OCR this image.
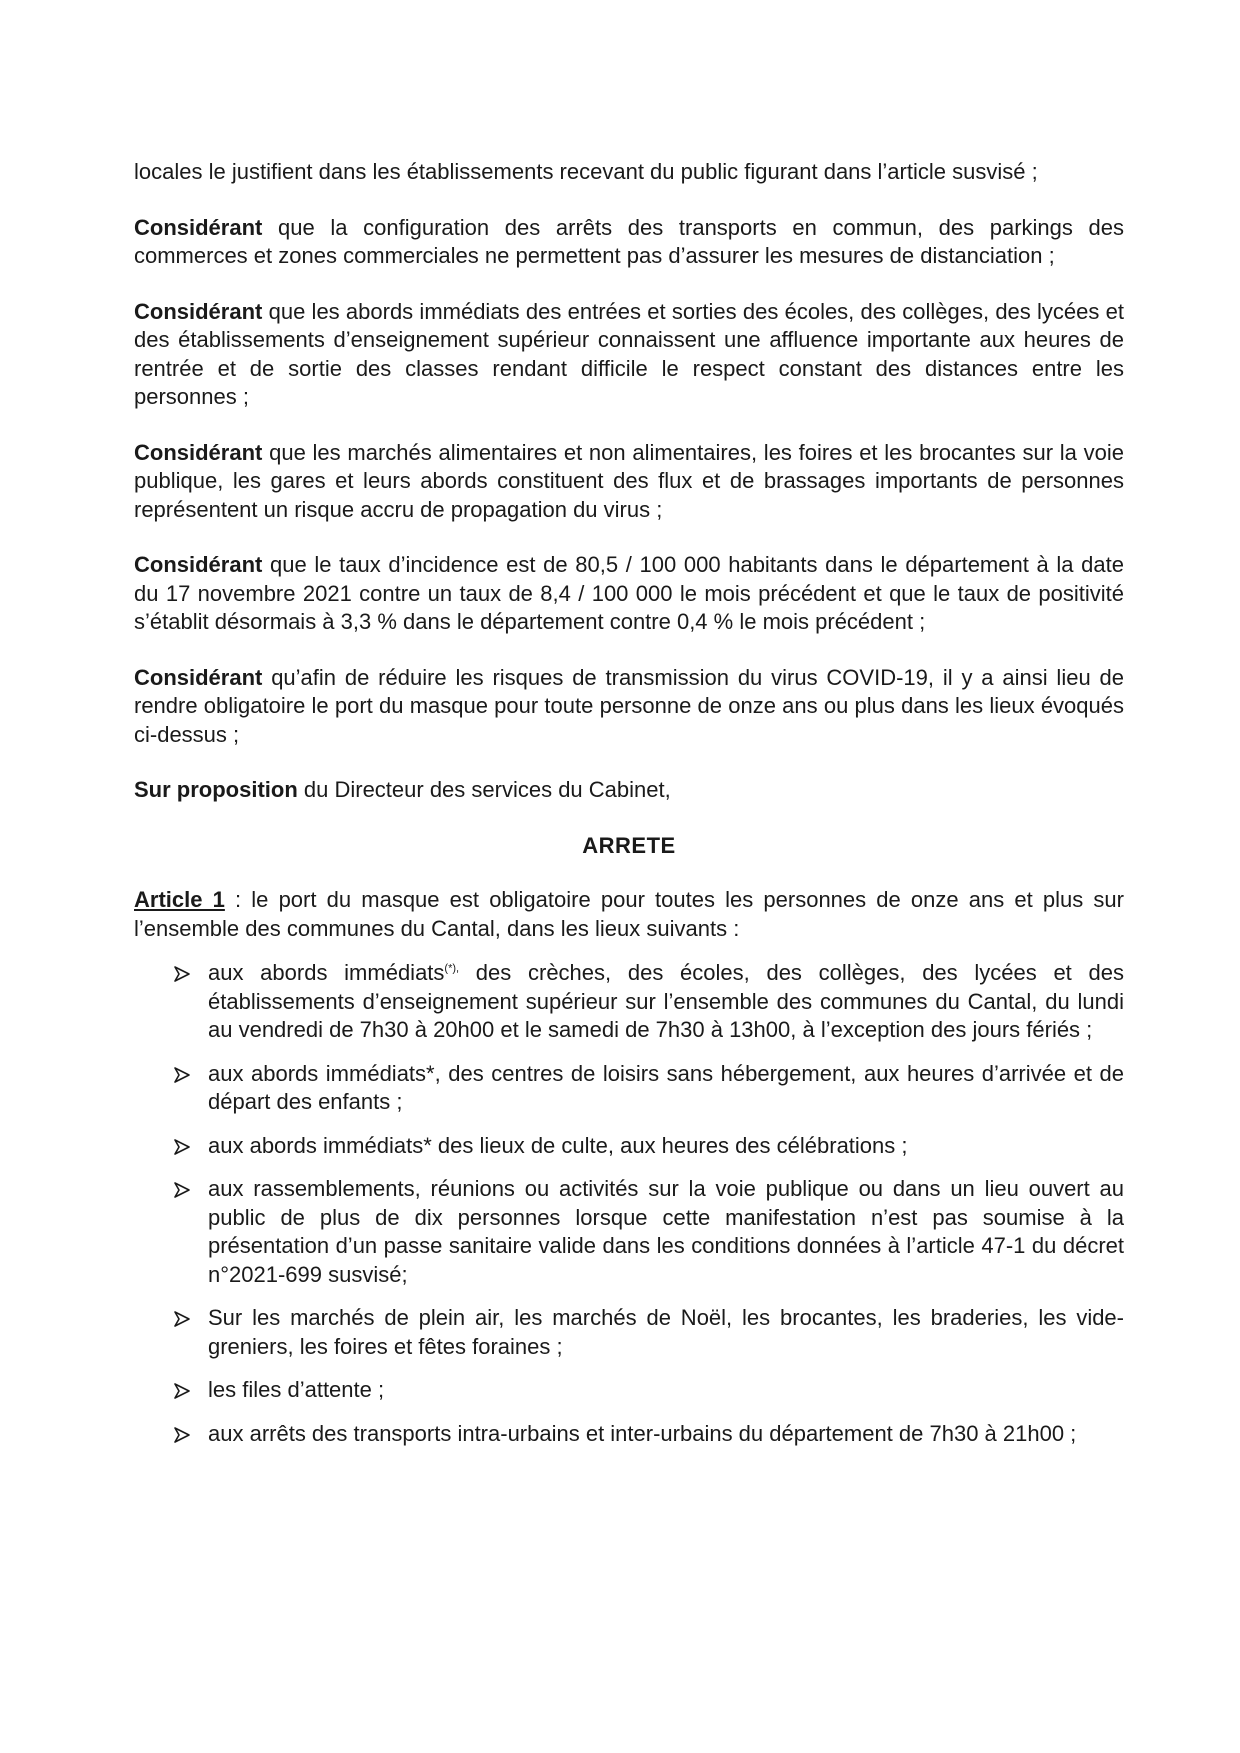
locales le justifient dans les établissements recevant du public figurant dans l’article susvisé ;

Considérant que la configuration des arrêts des transports en commun, des parkings des commerces et zones commerciales ne permettent pas d’assurer les mesures de distanciation ;

Considérant que les abords immédiats des entrées et sorties des écoles, des collèges, des lycées et des établissements d’enseignement supérieur connaissent une affluence importante aux heures de rentrée et de sortie des classes rendant difficile le respect constant des distances entre les personnes ;

Considérant que les marchés alimentaires et non alimentaires, les foires et les brocantes sur la voie publique, les gares et leurs abords constituent des flux et de brassages importants de personnes représentent un risque accru de propagation du virus ;

Considérant que le taux d’incidence est de 80,5 / 100 000 habitants dans le département à la date du 17 novembre 2021 contre un taux de 8,4 / 100 000 le mois précédent et que le taux de positivité s’établit désormais à 3,3 % dans le département contre 0,4 % le mois précédent ;

Considérant qu’afin de réduire les risques de transmission du virus COVID-19, il y a ainsi lieu de rendre obligatoire le port du masque pour toute personne de onze ans ou plus dans les lieux évoqués ci-dessus ;

Sur proposition du Directeur des services du Cabinet,

ARRETE

Article 1 : le port du masque est obligatoire pour toutes les personnes de onze ans et plus sur l’ensemble des communes du Cantal, dans les lieux suivants :

aux abords immédiats(*), des crèches, des écoles, des collèges, des lycées et des établissements d’enseignement supérieur sur l’ensemble des communes du Cantal, du lundi au vendredi de 7h30 à 20h00 et le samedi de 7h30 à 13h00, à l’exception des jours fériés ;
aux abords immédiats*, des centres de loisirs sans hébergement, aux heures d’arrivée et de départ des enfants ;
aux abords immédiats* des lieux de culte, aux heures des célébrations ;
aux rassemblements, réunions ou activités sur la voie publique ou dans un lieu ouvert au public de plus de dix personnes lorsque cette manifestation n’est pas soumise à la présentation d’un passe sanitaire valide dans les conditions données à l’article 47-1 du décret n°2021-699 susvisé;
Sur les marchés de plein air, les marchés de Noël, les brocantes, les braderies, les vide-greniers, les foires et fêtes foraines ;
les files d’attente ;
aux arrêts des transports intra-urbains et inter-urbains du département de 7h30 à 21h00 ;
